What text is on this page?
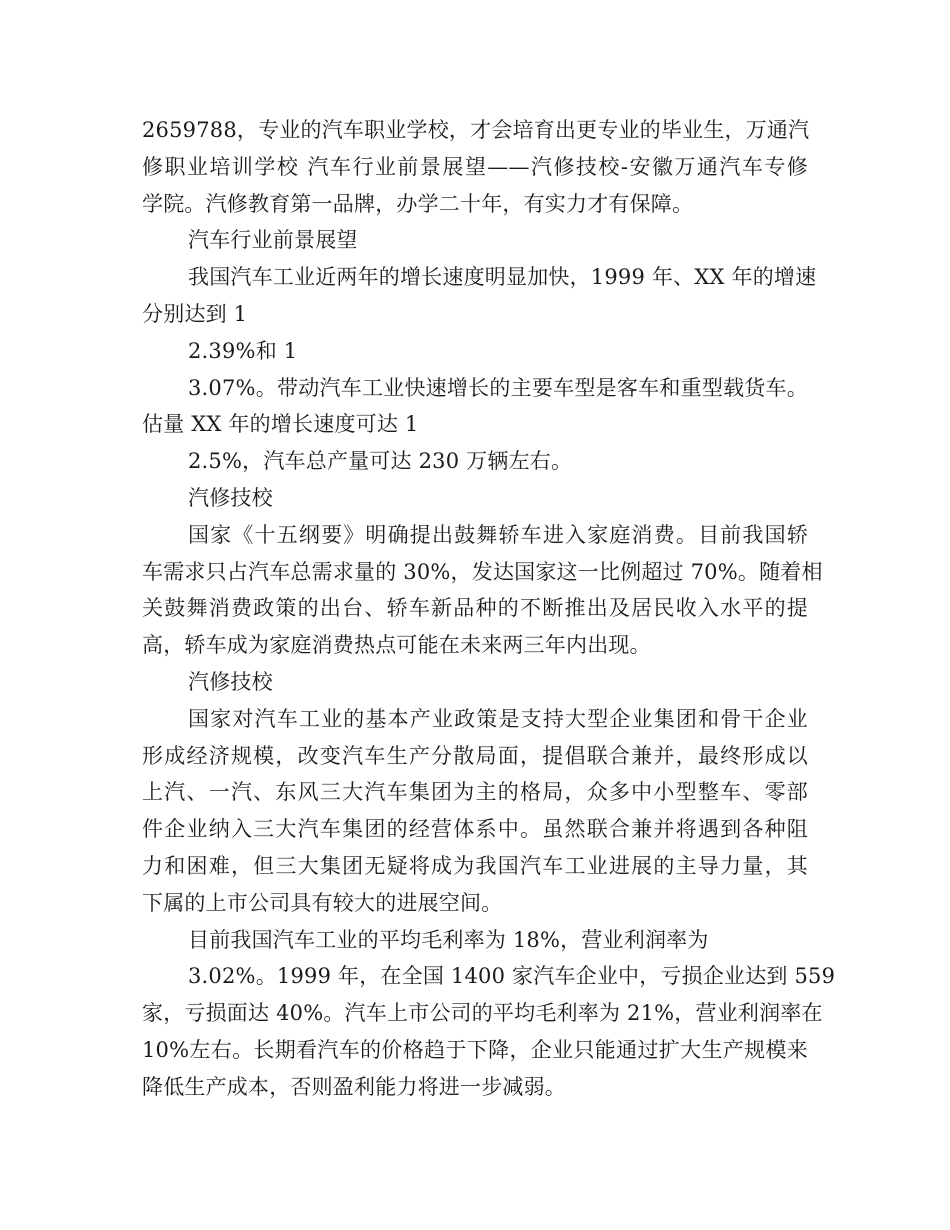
2659788，专业的汽车职业学校，才会培育出更专业的毕业生，万通汽
修职业培训学校 汽车行业前景展望——汽修技校-安徽万通汽车专修
学院。汽修教育第一品牌，办学二十年，有实力才有保障。
汽车行业前景展望
我国汽车工业近两年的增长速度明显加快，1999 年、XX 年的增速
分别达到 1
2.39%和 1
3.07%。带动汽车工业快速增长的主要车型是客车和重型载货车。
估量 XX 年的增长速度可达 1
2.5%，汽车总产量可达 230 万辆左右。
汽修技校
国家《十五纲要》明确提出鼓舞轿车进入家庭消费。目前我国轿
车需求只占汽车总需求量的 30%，发达国家这一比例超过 70%。随着相
关鼓舞消费政策的出台、轿车新品种的不断推出及居民收入水平的提
高，轿车成为家庭消费热点可能在未来两三年内出现。
汽修技校
国家对汽车工业的基本产业政策是支持大型企业集团和骨干企业
形成经济规模，改变汽车生产分散局面，提倡联合兼并，最终形成以
上汽、一汽、东风三大汽车集团为主的格局，众多中小型整车、零部
件企业纳入三大汽车集团的经营体系中。虽然联合兼并将遇到各种阻
力和困难，但三大集团无疑将成为我国汽车工业进展的主导力量，其
下属的上市公司具有较大的进展空间。
目前我国汽车工业的平均毛利率为 18%，营业利润率为
3.02%。1999 年，在全国 1400 家汽车企业中，亏损企业达到 559
家，亏损面达 40%。汽车上市公司的平均毛利率为 21%，营业利润率在
10%左右。长期看汽车的价格趋于下降，企业只能通过扩大生产规模来
降低生产成本，否则盈利能力将进一步减弱。
